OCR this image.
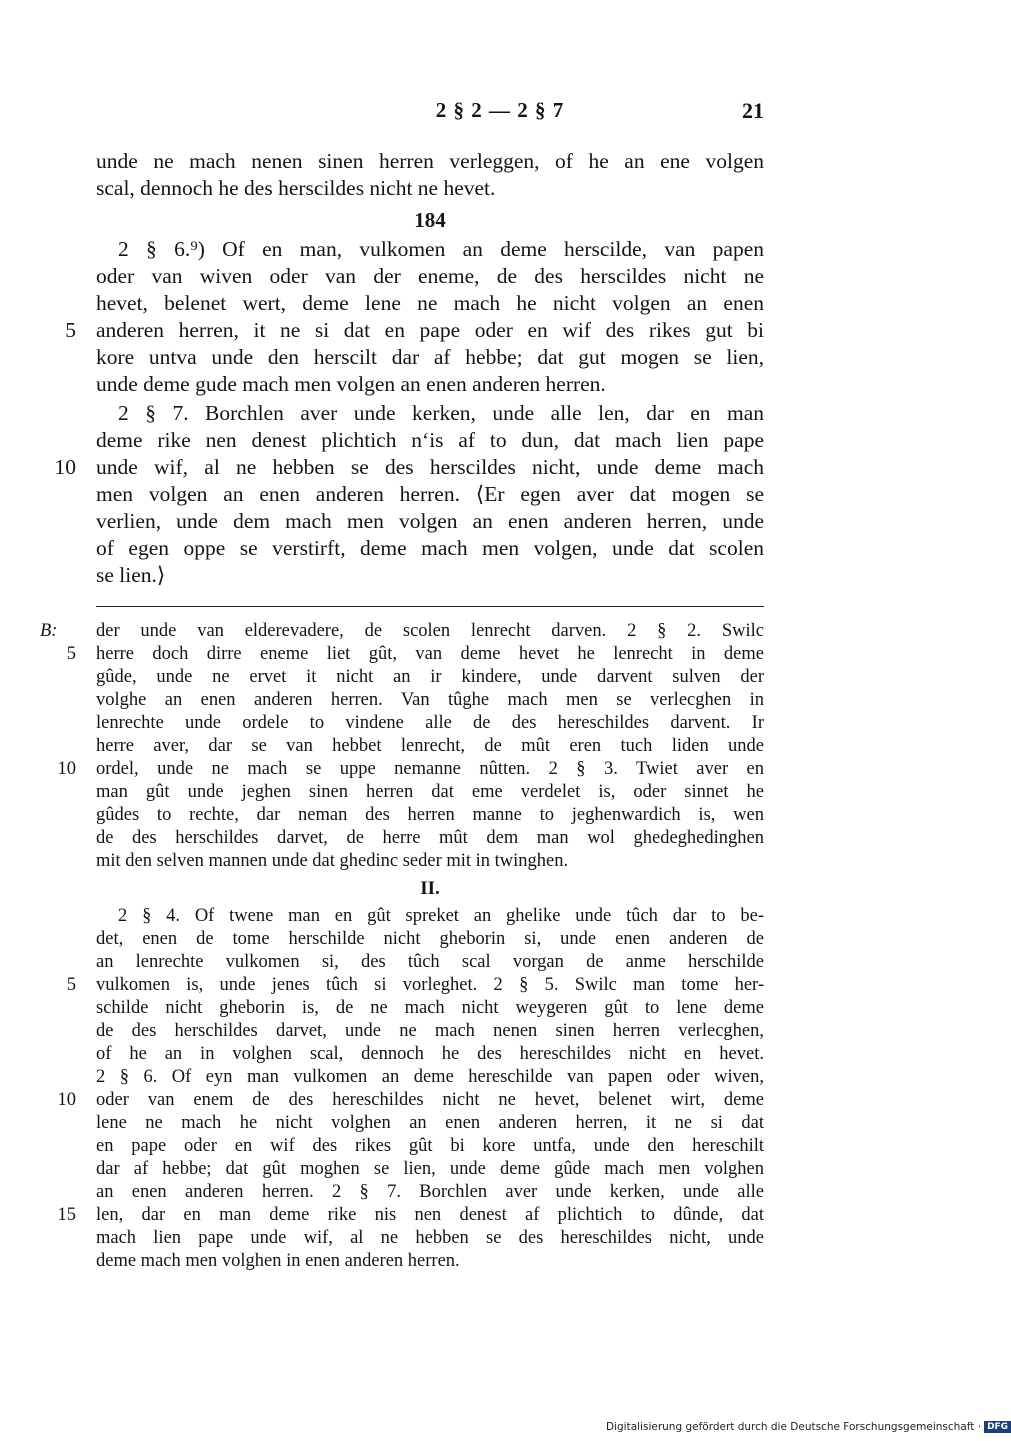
2 § 2 — 2 § 7	21
unde ne mach nenen sinen herren verleggen, of he an ene volgen
scal, dennoch he des herscildes nicht ne hevet.
184
2 § 6.⁹) Of en man, vulkomen an deme herscilde, van papen
oder van wiven oder van der eneme, de des herscildes nicht ne
hevet, belenet wert, deme lene ne mach he nicht volgen an enen
5 anderen herren, it ne si dat en pape oder en wif des rikes gut bi
kore untva unde den herscilt dar af hebbe; dat gut mogen se lien,
unde deme gude mach men volgen an enen anderen herren.
2 § 7. Borchlen aver unde kerken, unde alle len, dar en man
deme rike nen denest plichtich n‘is af to dun, dat mach lien pape
10 unde wif, al ne hebben se des herscildes nicht, unde deme mach
men volgen an enen anderen herren. ⟨Er egen aver dat mogen se
verlien, unde dem mach men volgen an enen anderen herren, unde
of egen oppe se verstirft, deme mach men volgen, unde dat scolen
se lien.⟩
B:	der unde van elderevadere, de scolen lenrecht darven. 2 § 2. Swilc
5 herre doch dirre eneme liet gût, van deme hevet he lenrecht in deme
gûde, unde ne ervet it nicht an ir kindere, unde darvent sulven der
volghe an enen anderen herren. Van tûghe mach men se verlecghen in
lenrechte unde ordele to vindene alle de des hereschildes darvent. Ir
herre aver, dar se van hebbet lenrecht, de mût eren tuch liden unde
10 ordel, unde ne mach se uppe nemanne nûtten. 2 § 3. Twiet aver en
man gût unde jeghen sinen herren dat eme verdelet is, oder sinnet he
gûdes to rechte, dar neman des herren manne to jeghenwardich is, wen
de des herschildes darvet, de herre mût dem man wol ghedeghedinghen
mit den selven mannen unde dat ghedinc seder mit in twinghen.
II.
2 § 4. Of twene man en gût spreket an ghelike unde tûch dar to be-
det, enen de tome herschilde nicht gheborin si, unde enen anderen de
an lenrechte vulkomen si, des tûch scal vorgan de anme herschilde
5 vulkomen is, unde jenes tûch si vorleghet. 2 § 5. Swilc man tome her-
schilde nicht gheborin is, de ne mach nicht weygeren gût to lene deme
de des herschildes darvet, unde ne mach nenen sinen herren verlecghen,
of he an in volghen scal, dennoch he des hereschildes nicht en hevet.
2 § 6. Of eyn man vulkomen an deme hereschilde van papen oder wiven,
10 oder van enem de des hereschildes nicht ne hevet, belenet wirt, deme
lene ne mach he nicht volghen an enen anderen herren, it ne si dat
en pape oder en wif des rikes gût bi kore untfa, unde den hereschilt
dar af hebbe; dat gût moghen se lien, unde deme gûde mach men volghen
an enen anderen herren. 2 § 7. Borchlen aver unde kerken, unde alle
15 len, dar en man deme rike nis nen denest af plichtich to dûnde, dat
mach lien pape unde wif, al ne hebben se des hereschildes nicht, unde
deme mach men volghen in enen anderen herren.
Digitalisierung gefördert durch die Deutsche Forschungsgemeinschaft · DFG
